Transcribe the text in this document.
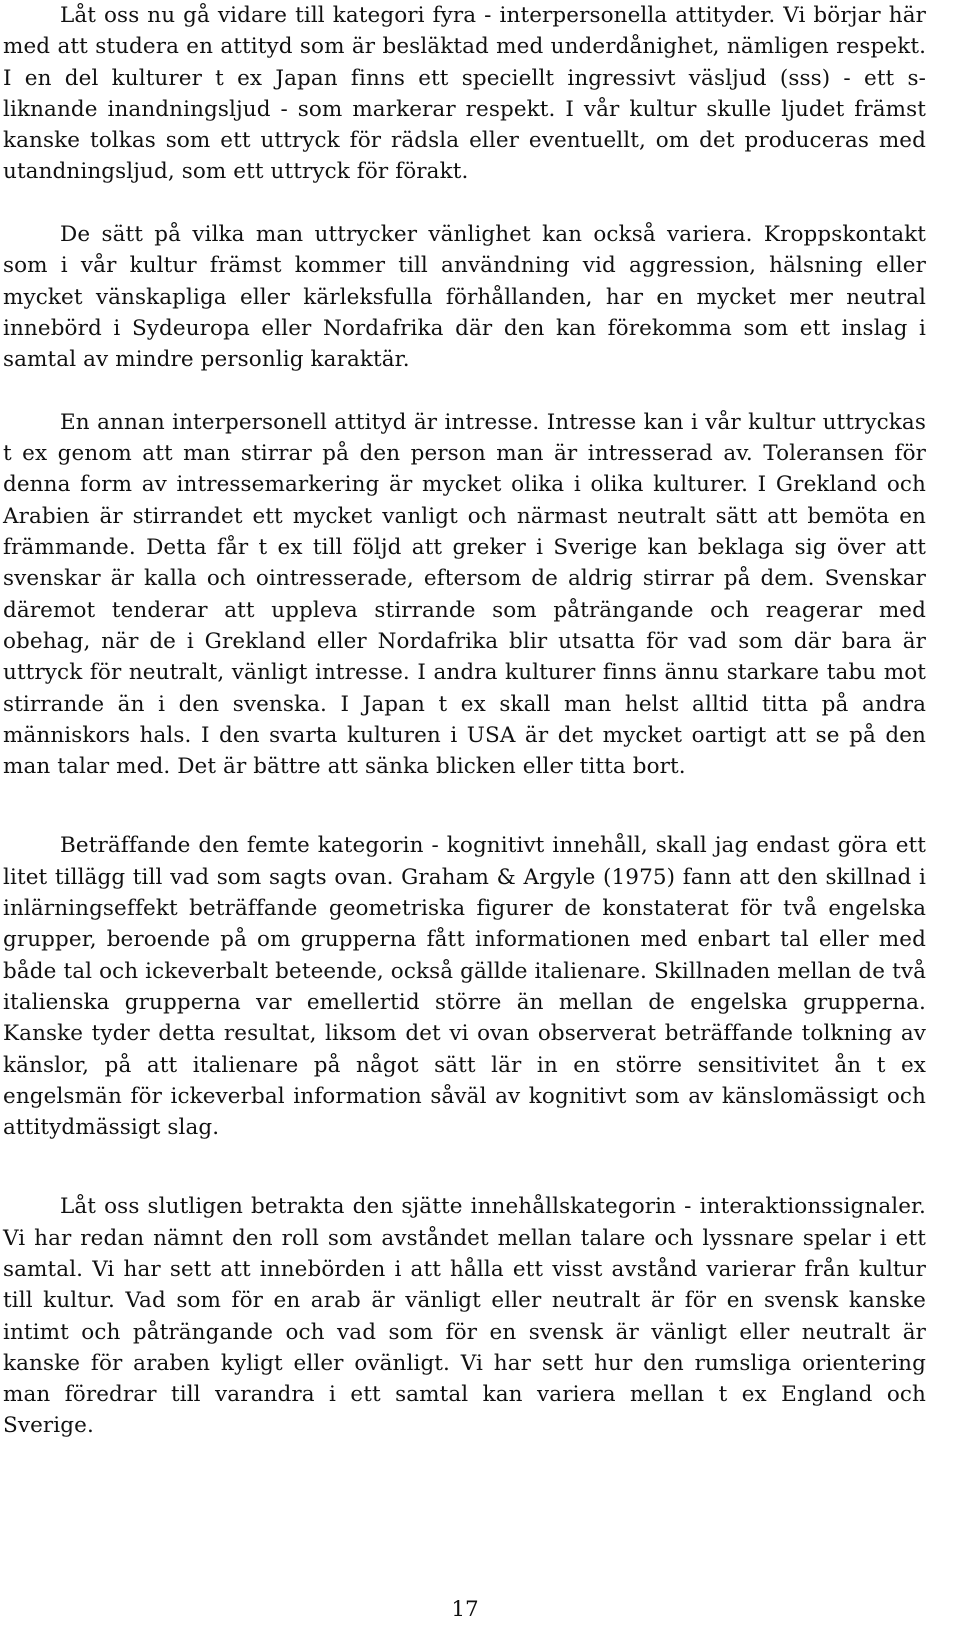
Låt oss nu gå vidare till kategori fyra - interpersonella attityder. Vi börjar här med att studera en attityd som är besläktad med underdånighet, nämligen respekt. I en del kulturer t ex Japan finns ett speciellt ingressivt väsljud (sss) - ett s-liknande inandningsljud - som markerar respekt. I vår kultur skulle ljudet främst kanske tolkas som ett uttryck för rädsla eller eventuellt, om det produceras med utandningsljud, som ett uttryck för förakt.

De sätt på vilka man uttrycker vänlighet kan också variera. Kroppskontakt som i vår kultur främst kommer till användning vid aggression, hälsning eller mycket vänskapliga eller kärleksfulla förhållanden, har en mycket mer neutral innebörd i Sydeuropa eller Nordafrika där den kan förekomma som ett inslag i samtal av mindre personlig karaktär.

En annan interpersonell attityd är intresse. Intresse kan i vår kultur uttryckas t ex genom att man stirrar på den person man är intresserad av. Toleransen för denna form av intressemarkering är mycket olika i olika kulturer. I Grekland och Arabien är stirrandet ett mycket vanligt och närmast neutralt sätt att bemöta en främmande. Detta får t ex till följd att greker i Sverige kan beklaga sig över att svenskar är kalla och ointresserade, eftersom de aldrig stirrar på dem. Svenskar däremot tenderar att uppleva stirrande som påträngande och reagerar med obehag, när de i Grekland eller Nordafrika blir utsatta för vad som där bara är uttryck för neutralt, vänligt intresse. I andra kulturer finns ännu starkare tabu mot stirrande än i den svenska. I Japan t ex skall man helst alltid titta på andra människors hals. I den svarta kulturen i USA är det mycket oartigt att se på den man talar med. Det är bättre att sänka blicken eller titta bort.

Beträffande den femte kategorin - kognitivt innehåll, skall jag endast göra ett litet tillägg till vad som sagts ovan. Graham & Argyle (1975) fann att den skillnad i inlärningseffekt beträffande geometriska figurer de konstaterat för två engelska grupper, beroende på om grupperna fått informationen med enbart tal eller med både tal och ickeverbalt beteende, också gällde italienare. Skillnaden mellan de två italienska grupperna var emellertid större än mellan de engelska grupperna. Kanske tyder detta resultat, liksom det vi ovan observerat beträffande tolkning av känslor, på att italienare på något sätt lär in en större sensitivitet ån t ex engelsmän för ickeverbal information såväl av kognitivt som av känslomässigt och attitydmässigt slag.

Låt oss slutligen betrakta den sjätte innehållskategorin - interaktionssignaler. Vi har redan nämnt den roll som avståndet mellan talare och lyssnare spelar i ett samtal. Vi har sett att innebörden i att hålla ett visst avstånd varierar från kultur till kultur. Vad som för en arab är vänligt eller neutralt är för en svensk kanske intimt och påträngande och vad som för en svensk är vänligt eller neutralt är kanske för araben kyligt eller ovänligt. Vi har sett hur den rumsliga orientering man föredrar till varandra i ett samtal kan variera mellan t ex England och Sverige.

17
